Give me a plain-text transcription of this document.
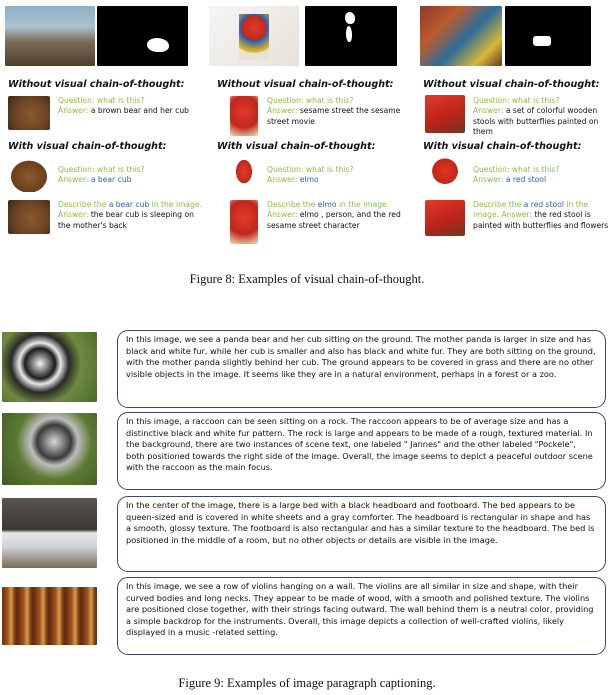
Without visual chain-of-thought:
Question: what is this?
Answer: a brown bear and her cub
With visual chain-of-thought:
Question: what is this?
Answer: a bear cub
Describe the a bear cub in the image. Answer: the bear cub is sleeping on the mother's back
Without visual chain-of-thought:
Question: what is this?
Answer: sesame street the sesame street movie
With visual chain-of-thought:
Question: what is this?
Answer: elmo
Describe the elmo in the image. Answer: elmo , person, and the red sesame street character
Without visual chain-of-thought:
Question: what is this?
Answer: a set of colorful wooden stools with butterflies painted on them
With visual chain-of-thought:
Question: what is this?
Answer: a red stool
Describe the a red stool in the image. Answer: the red stool is painted with butterflies and flowers
Figure 8: Examples of visual chain-of-thought.
In this image, we see a panda bear and her cub sitting on the ground. The mother panda is larger in size and has black and white fur, while her cub is smaller and also has black and white fur. They are both sitting on the ground, with the mother panda slightly behind her cub. The ground appears to be covered in grass and there are no other visible objects in the image. It seems like they are in a natural environment, perhaps in a forest or a zoo.
In this image, a raccoon can be seen sitting on a rock. The raccoon appears to be of average size and has a distinctive black and white fur pattern. The rock is large and appears to be made of a rough, textured material. In the background, there are two instances of scene text, one labeled " Jannes" and the other labeled "Pockele", both positioned towards the right side of the image. Overall, the image seems to depict a peaceful outdoor scene with the raccoon as the main focus.
In the center of the image, there is a large bed with a black headboard and footboard. The bed appears to be queen-sized and is covered in white sheets and a gray comforter. The headboard is rectangular in shape and has a smooth, glossy texture. The footboard is also rectangular and has a similar texture to the headboard. The bed is positioned in the middle of a room, but no other objects or details are visible in the image.
In this image, we see a row of violins hanging on a wall. The violins are all similar in size and shape, with their curved bodies and long necks. They appear to be made of wood, with a smooth and polished texture. The violins are positioned close together, with their strings facing outward. The wall behind them is a neutral color, providing a simple backdrop for the instruments. Overall, this image depicts a collection of well-crafted violins, likely displayed in a music -related setting.
Figure 9: Examples of image paragraph captioning.
